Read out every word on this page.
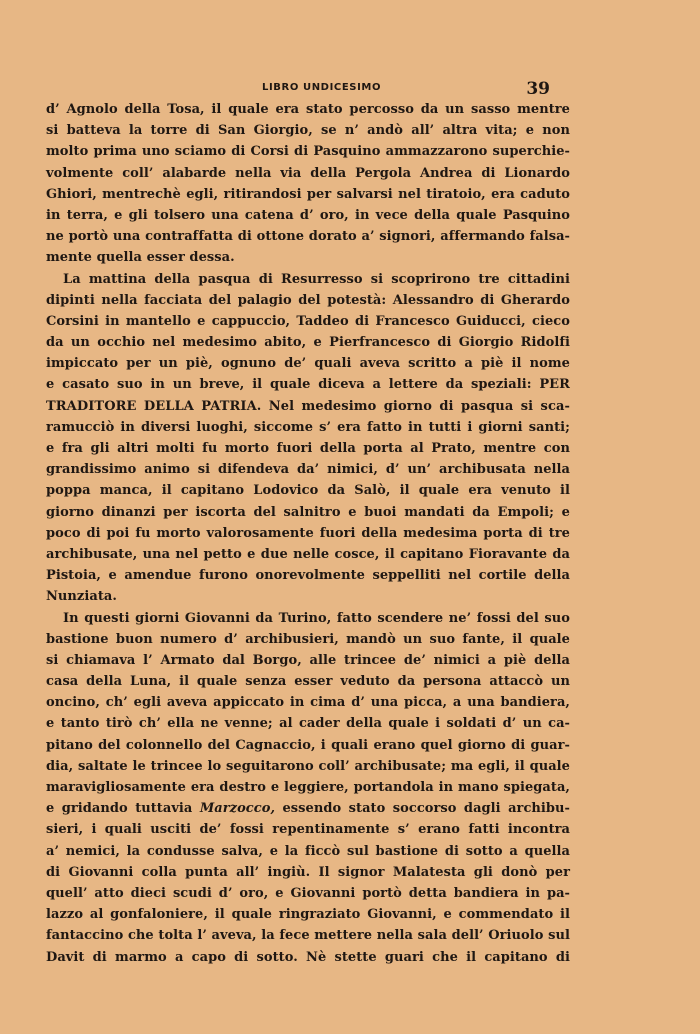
LIBRO UNDICESIMO	39
d’ Agnolo della Tosa, il quale era stato percosso da un sasso mentre
si batteva la torre di San Giorgio, se n’ andò all’ altra vita; e non
molto prima uno sciamo di Corsi di Pasquino ammazzarono superchie-
volmente coll’ alabarde nella via della Pergola Andrea di Lionardo
Ghiori, mentrechè egli, ritirandosi per salvarsi nel tiratoio, era caduto
in terra, e gli tolsero una catena d’ oro, in vece della quale Pasquino
ne portò una contraffatta di ottone dorato a’ signori, affermando falsa-
mente quella esser dessa.
La mattina della pasqua di Resurresso si scoprirono tre cittadini
dipinti nella facciata del palagio del potestà: Alessandro di Gherardo
Corsini in mantello e cappuccio, Taddeo di Francesco Guiducci, cieco
da un occhio nel medesimo abito, e Pierfrancesco di Giorgio Ridolfi
impiccato per un piè, ognuno de’ quali aveva scritto a piè il nome
e casato suo in un breve, il quale diceva a lettere da speziali: PER
TRADITORE DELLA PATRIA. Nel medesimo giorno di pasqua si sca-
ramucciò in diversi luoghi, siccome s’ era fatto in tutti i giorni santi;
e fra gli altri molti fu morto fuori della porta al Prato, mentre con
grandissimo animo si difendeva da’ nimici, d’ un’ archibusata nella
poppa manca, il capitano Lodovico da Salò, il quale era venuto il
giorno dinanzi per iscorta del salnitro e buoi mandati da Empoli; e
poco di poi fu morto valorosamente fuori della medesima porta di tre
archibusate, una nel petto e due nelle cosce, il capitano Fioravante da
Pistoia, e amendue furono onorevolmente seppelliti nel cortile della
Nunziata.
In questi giorni Giovanni da Turino, fatto scendere ne’ fossi del suo
bastione buon numero d’ archibusieri, mandò un suo fante, il quale
si chiamava l’ Armato dal Borgo, alle trincee de’ nimici a piè della
casa della Luna, il quale senza esser veduto da persona attaccò un
oncino, ch’ egli aveva appiccato in cima d’ una picca, a una bandiera,
e tanto tirò ch’ ella ne venne; al cader della quale i soldati d’ un ca-
pitano del colonnello del Cagnaccio, i quali erano quel giorno di guar-
dia, saltate le trincee lo seguitarono coll’ archibusate; ma egli, il quale
maravigliosamente era destro e leggiere, portandola in mano spiegata,
e gridando tuttavia Marzocco, essendo stato soccorso dagli archibu-
sieri, i quali usciti de’ fossi repentinamente s’ erano fatti incontra
a’ nemici, la condusse salva, e la ficcò sul bastione di sotto a quella
di Giovanni colla punta all’ ingiù. Il signor Malatesta gli donò per
quell’ atto dieci scudi d’ oro, e Giovanni portò detta bandiera in pa-
lazzo al gonfaloniere, il quale ringraziato Giovanni, e commendato il
fantaccino che tolta l’ aveva, la fece mettere nella sala dell’ Oriuolo sul
Davit di marmo a capo di sotto. Nè stette guari che il capitano di
